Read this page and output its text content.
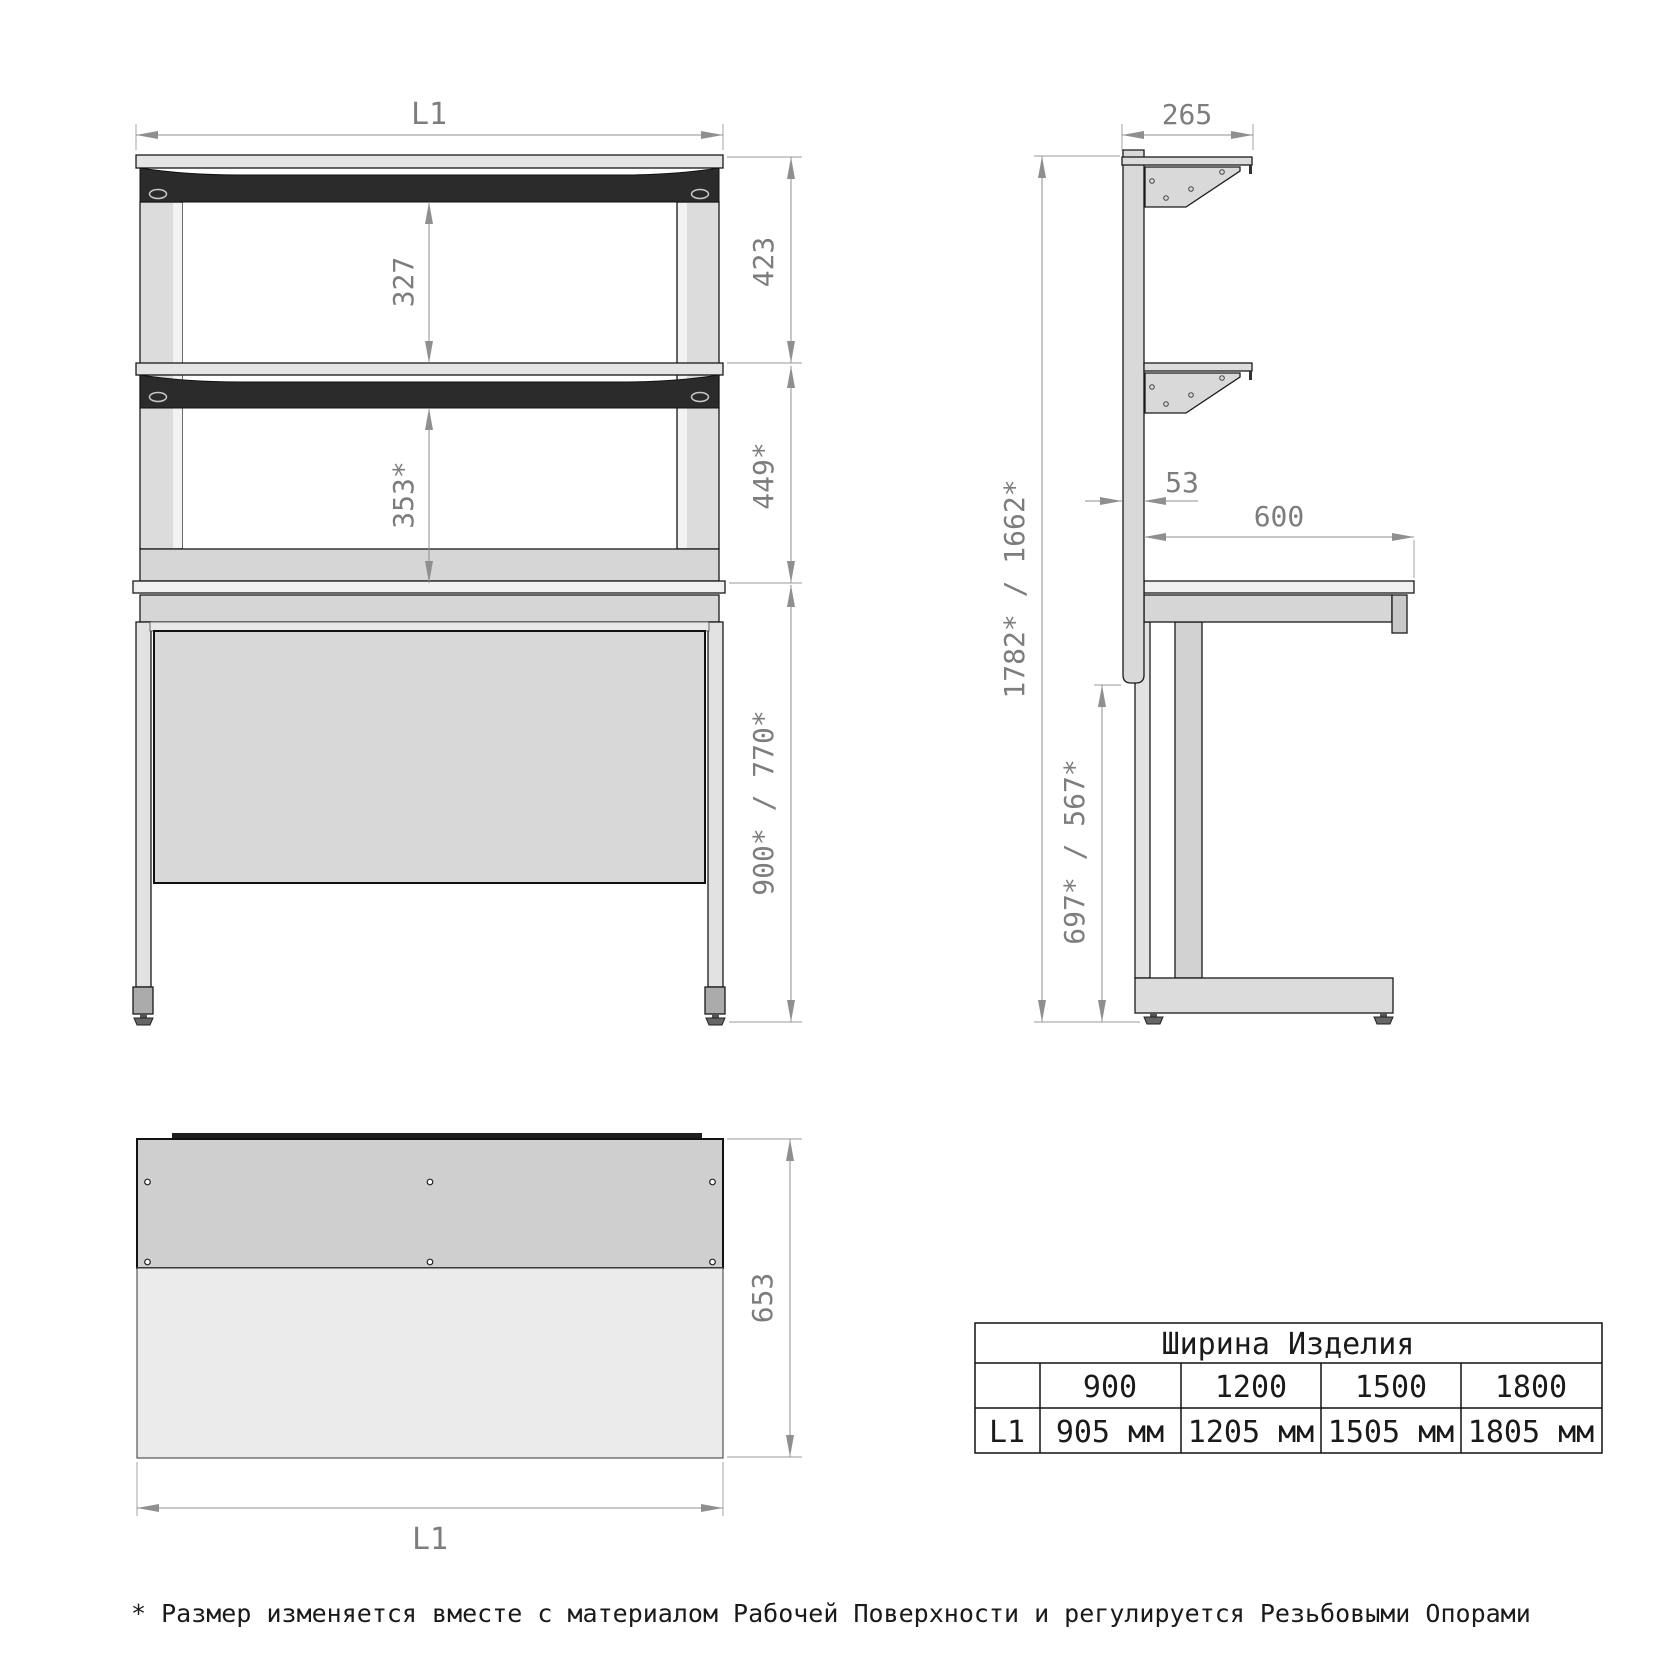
L1
327
353*
423
449*
900* / 770*
265
53
600
1782* / 1662*
697* / 567*
653
L1
Ширина Изделия
900	1200 1500 1800
L1 905 мм 1205 мм 1505 мм 1805 мм
* Размер изменяется вместе с материалом Рабочей Поверхности и регулируется Резьбовыми Опорами
